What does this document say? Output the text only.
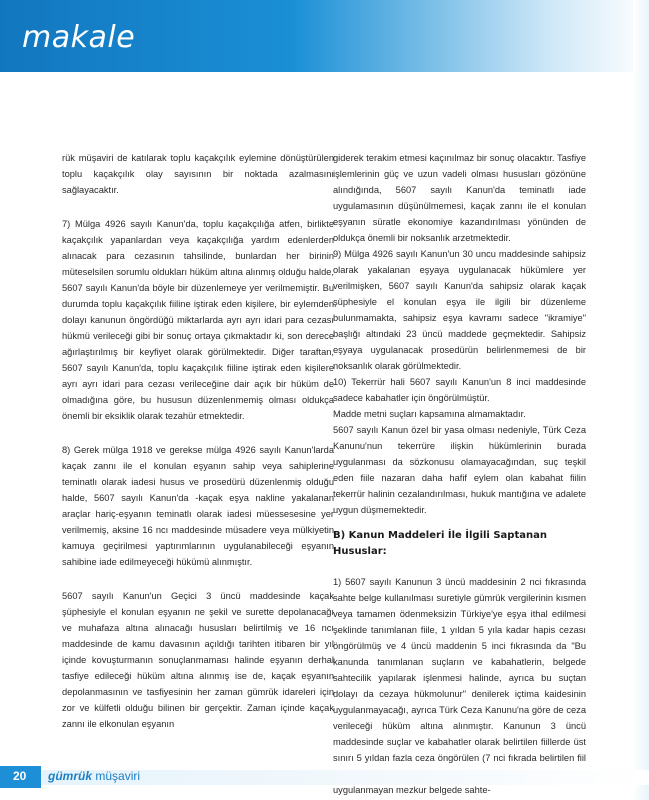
makale

rük müşaviri de katılarak toplu kaçakçılık eylemine dönüştürülen toplu kaçakçılık olay sayısının bir noktada azalmasını sağlayacaktır.

7) Mülga 4926 sayılı Kanun'da, toplu kaçakçılığa atfen, birlikte kaçakçılık yapanlardan veya kaçakçılığa yardım edenlerden alınacak para cezasının tahsilinde, bunlardan her birinin müteselsilen sorumlu oldukları hüküm altına alınmış olduğu halde, 5607 sayılı Kanun'da böyle bir düzenlemeye yer verilmemiştir. Bu durumda toplu kaçakçılık fiiline iştirak eden kişilere, bir eylemden dolayı kanunun öngördüğü miktarlarda ayrı ayrı idari para cezası hükmü verileceği gibi bir sonuç ortaya çıkmaktadır ki, son derece ağırlaştırılmış bir keyfiyet olarak görülmektedir. Diğer taraftan, 5607 sayılı Kanun'da, toplu kaçakçılık fiiline iştirak eden kişilere ayrı ayrı idari para cezası verileceğine dair açık bir hüküm de olmadığına göre, bu hususun düzenlenmemiş olması oldukça önemli bir eksiklik olarak tezahür etmektedir.

8) Gerek mülga 1918 ve gerekse mülga 4926 sayılı Kanun'larda kaçak zannı ile el konulan eşyanın sahip veya sahiplerine teminatlı olarak iadesi husus ve prosedürü düzenlenmiş olduğu halde, 5607 sayılı Kanun'da -kaçak eşya nakline yakalanan araçlar hariç-eşyanın teminatlı olarak iadesi müessesesine yer verilmemiş, aksine 16 ncı maddesinde müsadere veya mülkiyetin kamuya geçirilmesi yaptırımlarının uygulanabileceği eşyanın sahibine iade edilmeyeceği hükümü alınmıştır.

5607 sayılı Kanun'un Geçici 3 üncü maddesinde kaçak şüphesiyle el konulan eşyanın ne şekil ve surette depolanacağı ve muhafaza altına alınacağı hususları belirtilmiş ve 16 ncı maddesinde de kamu davasının açıldığı tarihten itibaren bir yıl içinde kovuşturmanın sonuçlanmaması halinde eşyanın derhal tasfiye edileceği hüküm altına alınmış ise de, kaçak eşyanın depolanmasının ve tasfiyesinin her zaman gümrük idareleri için zor ve külfetli olduğu bilinen bir gerçektir. Zaman içinde kaçak zannı ile elkonulan eşyanın

giderek terakim etmesi kaçınılmaz bir sonuç olacaktır. Tasfiye işlemlerinin güç ve uzun vadeli olması hususları gözönüne alındığında, 5607 sayılı Kanun'da teminatlı iade uygulamasının düşünülmemesi, kaçak zannı ile el konulan eşyanın süratle ekonomiye kazandırılması yönünden de oldukça önemli bir noksanlık arzetmektedir.

9) Mülga 4926 sayılı Kanun'un 30 uncu maddesinde sahipsiz olarak yakalanan eşyaya uygulanacak hükümlere yer verilmişken, 5607 sayılı Kanun'da sahipsiz olarak kaçak şüphesiyle el konulan eşya ile ilgili bir düzenleme bulunmamakta, sahipsiz eşya kavramı sadece "ikramiye" başlığı altındaki 23 üncü maddede geçmektedir. Sahipsiz eşyaya uygulanacak prosedürün belirlenmemesi de bir noksanlık olarak görülmektedir.

10) Tekerrür hali 5607 sayılı Kanun'un 8 inci maddesinde sadece kabahatler için öngörülmüştür.

Madde metni suçları kapsamına almamaktadır.

5607 sayılı Kanun özel bir yasa olması nedeniyle, Türk Ceza Kanunu'nun tekerrüre ilişkin hükümlerinin burada uygulanması da sözkonusu olamayacağından, suç teşkil eden fiile nazaran daha hafif eylem olan kabahat fiilin tekerrür halinin cezalandırılması, hukuk mantığına ve adalete uygun düşmemektedir.

B) Kanun Maddeleri İle İlgili Saptanan Hususlar:

1) 5607 sayılı Kanunun 3 üncü maddesinin 2 nci fıkrasında sahte belge kullanılması suretiyle gümrük vergilerinin kısmen veya tamamen ödenmeksizin Türkiye'ye eşya ithal edilmesi şeklinde tanımlanan fiile, 1 yıldan 5 yıla kadar hapis cezası öngörülmüş ve 4 üncü maddenin 5 inci fıkrasında da "Bu kanunda tanımlanan suçların ve kabahatlerin, belgede sahtecilik yapılarak işlenmesi halinde, ayrıca bu suçtan dolayı da cezaya hükmolunur" denilerek içtima kaidesinin uygulanmayacağı, ayrıca Türk Ceza Kanunu'na göre de ceza verileceği hüküm altına alınmıştır. Kanunun 3 üncü maddesinde suçlar ve kabahatler olarak belirtilen fiillerde üst sınırı 5 yıldan fazla ceza öngörülen (7 nci fıkrada belirtilen fiil uygulanmayan mezkur belgede sahte-

20 gümrük müşaviri
